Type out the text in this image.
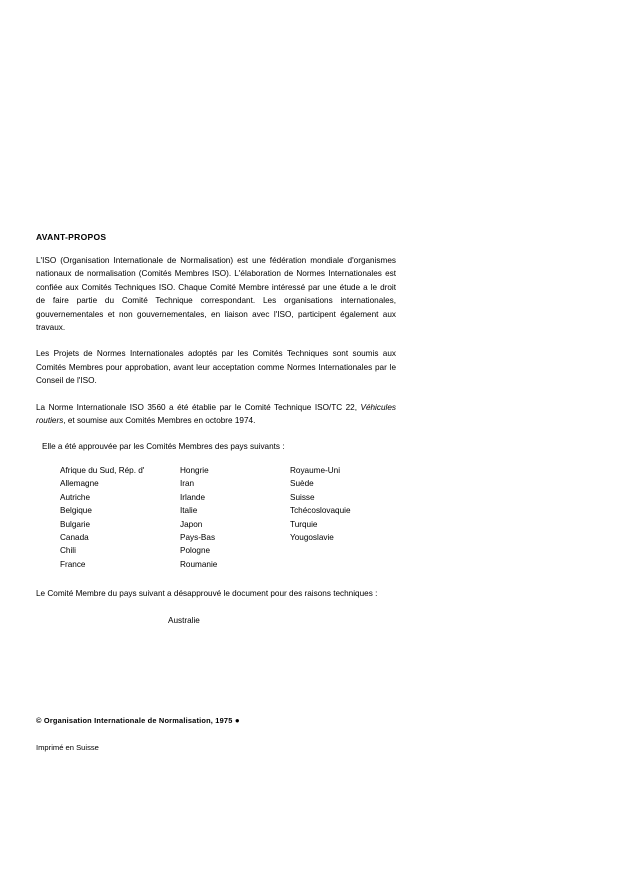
AVANT-PROPOS

L'ISO (Organisation Internationale de Normalisation) est une fédération mondiale d'organismes nationaux de normalisation (Comités Membres ISO). L'élaboration de Normes Internationales est confiée aux Comités Techniques ISO. Chaque Comité Membre intéressé par une étude a le droit de faire partie du Comité Technique correspondant. Les organisations internationales, gouvernementales et non gouvernementales, en liaison avec l'ISO, participent également aux travaux.

Les Projets de Normes Internationales adoptés par les Comités Techniques sont soumis aux Comités Membres pour approbation, avant leur acceptation comme Normes Internationales par le Conseil de l'ISO.

La Norme Internationale ISO 3560 a été établie par le Comité Technique ISO/TC 22, Véhicules routiers, et soumise aux Comités Membres en octobre 1974.

Elle a été approuvée par les Comités Membres des pays suivants :

Afrique du Sud, Rép. d'
Allemagne
Autriche
Belgique
Bulgarie
Canada
Chili
France
Hongrie
Iran
Irlande
Italie
Japon
Pays-Bas
Pologne
Roumanie
Royaume-Uni
Suède
Suisse
Tchécoslovaquie
Turquie
Yougoslavie

Le Comité Membre du pays suivant a désapprouvé le document pour des raisons techniques :

Australie

© Organisation Internationale de Normalisation, 1975 ●

Imprimé en Suisse
